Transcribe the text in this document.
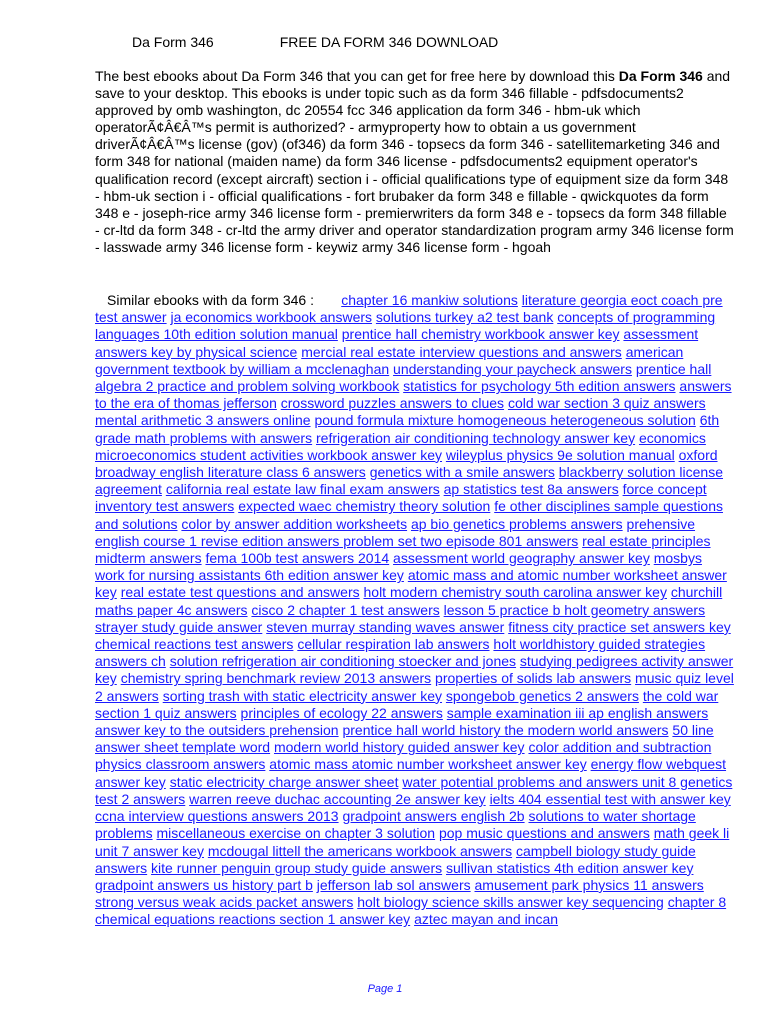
Da Form 346	FREE DA FORM 346 DOWNLOAD
The best ebooks about Da Form 346 that you can get for free here by download this Da Form 346 and save to your desktop. This ebooks is under topic such as da form 346 fillable - pdfsdocuments2 approved by omb washington, dc 20554 fcc 346 application da form 346 - hbm-uk which operatorÃ¢Â€Â™s permit is authorized? - armyproperty how to obtain a us government driverÃ¢Â€Â™s license (gov) (of346) da form 346 - topsecs da form 346 - satellitemarketing 346 and form 348 for national (maiden name) da form 346 license - pdfsdocuments2 equipment operator's qualification record (except aircraft) section i - official qualifications type of equipment size da form 348 - hbm-uk section i - official qualifications - fort brubaker da form 348 e fillable - qwickquotes da form 348 e - joseph-rice army 346 license form - premierwriters da form 348 e - topsecs da form 348 fillable - cr-ltd da form 348 - cr-ltd the army driver and operator standardization program army 346 license form - lasswade army 346 license form - keywiz army 346 license form - hgoah
Similar ebooks with da form 346 : chapter 16 mankiw solutions literature georgia eoct coach pre test answer ja economics workbook answers solutions turkey a2 test bank concepts of programming languages 10th edition solution manual prentice hall chemistry workbook answer key assessment answers key by physical science mercial real estate interview questions and answers american government textbook by william a mcclenaghan understanding your paycheck answers prentice hall algebra 2 practice and problem solving workbook statistics for psychology 5th edition answers answers to the era of thomas jefferson crossword puzzles answers to clues cold war section 3 quiz answers mental arithmetic 3 answers online pound formula mixture homogeneous heterogeneous solution 6th grade math problems with answers refrigeration air conditioning technology answer key economics microeconomics student activities workbook answer key wileyplus physics 9e solution manual oxford broadway english literature class 6 answers genetics with a smile answers blackberry solution license agreement california real estate law final exam answers ap statistics test 8a answers force concept inventory test answers expected waec chemistry theory solution fe other disciplines sample questions and solutions color by answer addition worksheets ap bio genetics problems answers prehensive english course 1 revise edition answers problem set two episode 801 answers real estate principles midterm answers fema 100b test answers 2014 assessment world geography answer key mosbys work for nursing assistants 6th edition answer key atomic mass and atomic number worksheet answer key real estate test questions and answers holt modern chemistry south carolina answer key churchill maths paper 4c answers cisco 2 chapter 1 test answers lesson 5 practice b holt geometry answers strayer study guide answer steven murray standing waves answer fitness city practice set answers key chemical reactions test answers cellular respiration lab answers holt worldhistory guided strategies answers ch solution refrigeration air conditioning stoecker and jones studying pedigrees activity answer key chemistry spring benchmark review 2013 answers properties of solids lab answers music quiz level 2 answers sorting trash with static electricity answer key spongebob genetics 2 answers the cold war section 1 quiz answers principles of ecology 22 answers sample examination iii ap english answers answer key to the outsiders prehension prentice hall world history the modern world answers 50 line answer sheet template word modern world history guided answer key color addition and subtraction physics classroom answers atomic mass atomic number worksheet answer key energy flow webquest answer key static electricity charge answer sheet water potential problems and answers unit 8 genetics test 2 answers warren reeve duchac accounting 2e answer key ielts 404 essential test with answer key ccna interview questions answers 2013 gradpoint answers english 2b solutions to water shortage problems miscellaneous exercise on chapter 3 solution pop music questions and answers math geek li unit 7 answer key mcdougal littell the americans workbook answers campbell biology study guide answers kite runner penguin group study guide answers sullivan statistics 4th edition answer key gradpoint answers us history part b jefferson lab sol answers amusement park physics 11 answers strong versus weak acids packet answers holt biology science skills answer key sequencing chapter 8 chemical equations reactions section 1 answer key aztec mayan and incan
Page 1
